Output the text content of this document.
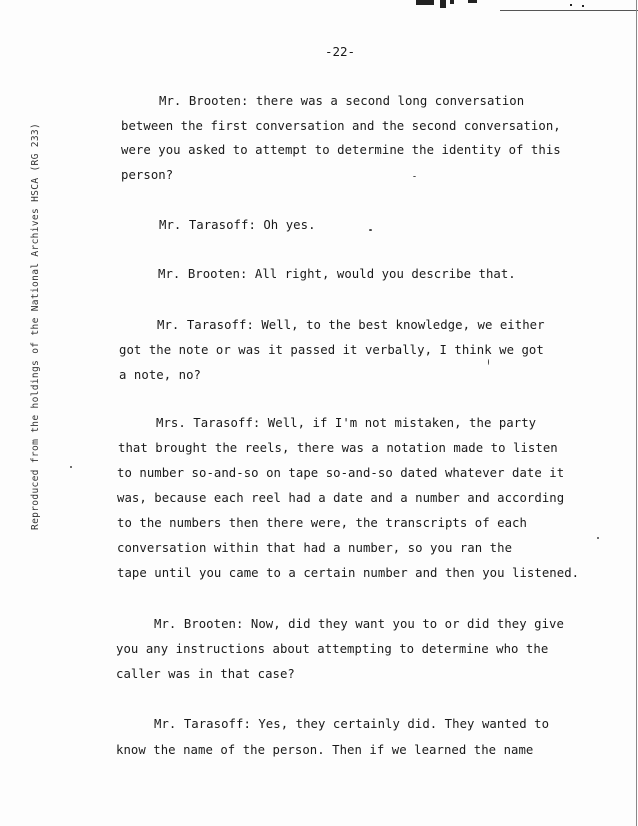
Reproduced from the holdings of the National Archives HSCA (RG 233)
-22-
Mr. Brooten: there was a second long conversation
between the first conversation and the second conversation,
were you asked to attempt to determine the identity of this
person?
Mr. Tarasoff: Oh yes.
Mr. Brooten: All right, would you describe that.
Mr. Tarasoff: Well, to the best knowledge, we either
got the note or was it passed it verbally, I think we got
a note, no?
Mrs. Tarasoff: Well, if I'm not mistaken, the party
that brought the reels, there was a notation made to listen
to number so-and-so on tape so-and-so dated whatever date it
was, because each reel had a date and a number and according
to the numbers then there were, the transcripts of each
conversation within that had a number, so you ran the
tape until you came to a certain number and then you listened.
Mr. Brooten: Now, did they want you to or did they give
you any instructions about attempting to determine who the
caller was in that case?
Mr. Tarasoff: Yes, they certainly did. They wanted to
know the name of the person. Then if we learned the name
